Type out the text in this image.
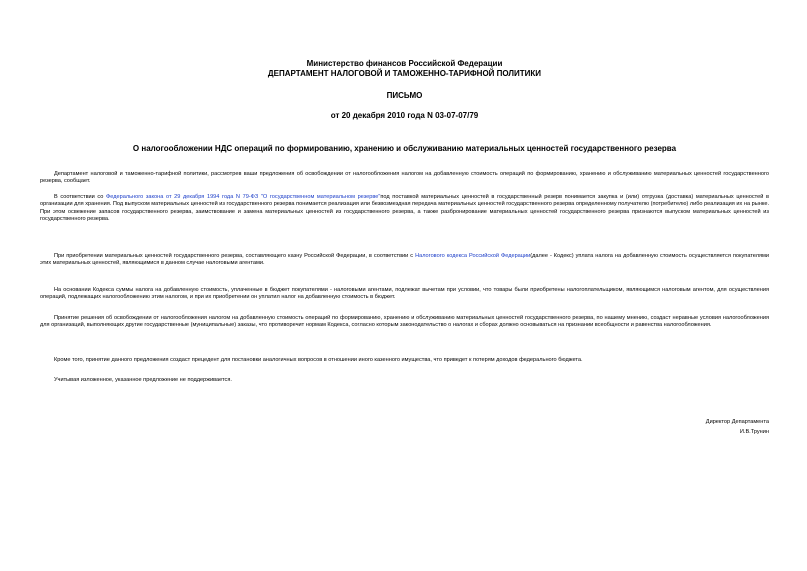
Министерство финансов Российской Федерации
ДЕПАРТАМЕНТ НАЛОГОВОЙ И ТАМОЖЕННО-ТАРИФНОЙ ПОЛИТИКИ
ПИСЬМО
от 20 декабря 2010 года N 03-07-07/79
О налогообложении НДС операций по формированию, хранению и обслуживанию материальных ценностей государственного резерва

Департамент налоговой и таможенно-тарифной политики, рассмотрев ваши предложения об освобождении от налогообложения налогом на добавленную стоимость операций по формированию, хранению и обслуживанию материальных ценностей государственного резерва, сообщает.

В соответствии со Федерального закона от 29 декабря 1994 года N 79-ФЗ "О государственном материальном резерве"под поставкой материальных ценностей в государственный резерв понимается закупка и (или) отгрузка (доставка) материальных ценностей в организации для хранения. Под выпуском материальных ценностей из государственного резерва понимается реализация или безвозмездная передача материальных ценностей государственного резерва определенному получателю (потребителю) либо реализация их на рынке. При этом освежение запасов государственного резерва, заимствование и замена материальных ценностей из государственного резерва, а также разбронирование материальных ценностей государственного резерва признаются выпуском материальных ценностей из государственного резерва.

При приобретении материальных ценностей государственного резерва, составляющего казну Российской Федерации, в соответствии с Налогового кодекса Российской Федерации(далее - Кодекс) уплата налога на добавленную стоимость осуществляется покупателями этих материальных ценностей, являющимися в данном случае налоговыми агентами.

На основании Кодекса суммы налога на добавленную стоимость, уплаченные в бюджет покупателями - налоговыми агентами, подлежат вычетам при условии, что товары были приобретены налогоплательщиком, являющимся налоговым агентом, для осуществления операций, подлежащих налогообложению этим налогом, и при их приобретении он уплатил налог на добавленную стоимость в бюджет.

Принятие решения об освобождении от налогообложения налогом на добавленную стоимость операций по формированию, хранению и обслуживанию материальных ценностей государственного резерва, по нашему мнению, создаст неравные условия налогообложения для организаций, выполняющих другие государственные (муниципальные) заказы, что противоречит нормам Кодекса, согласно которым законодательство о налогах и сборах должно основываться на признании всеобщности и равенства налогообложения.

Кроме того, принятие данного предложения создаст прецедент для постановки аналогичных вопросов в отношении иного казенного имущества, что приведет к потерям доходов федерального бюджета.

Учитывая изложенное, указанное предложение не поддерживается.

Директор Департамента
И.В.Трунин
